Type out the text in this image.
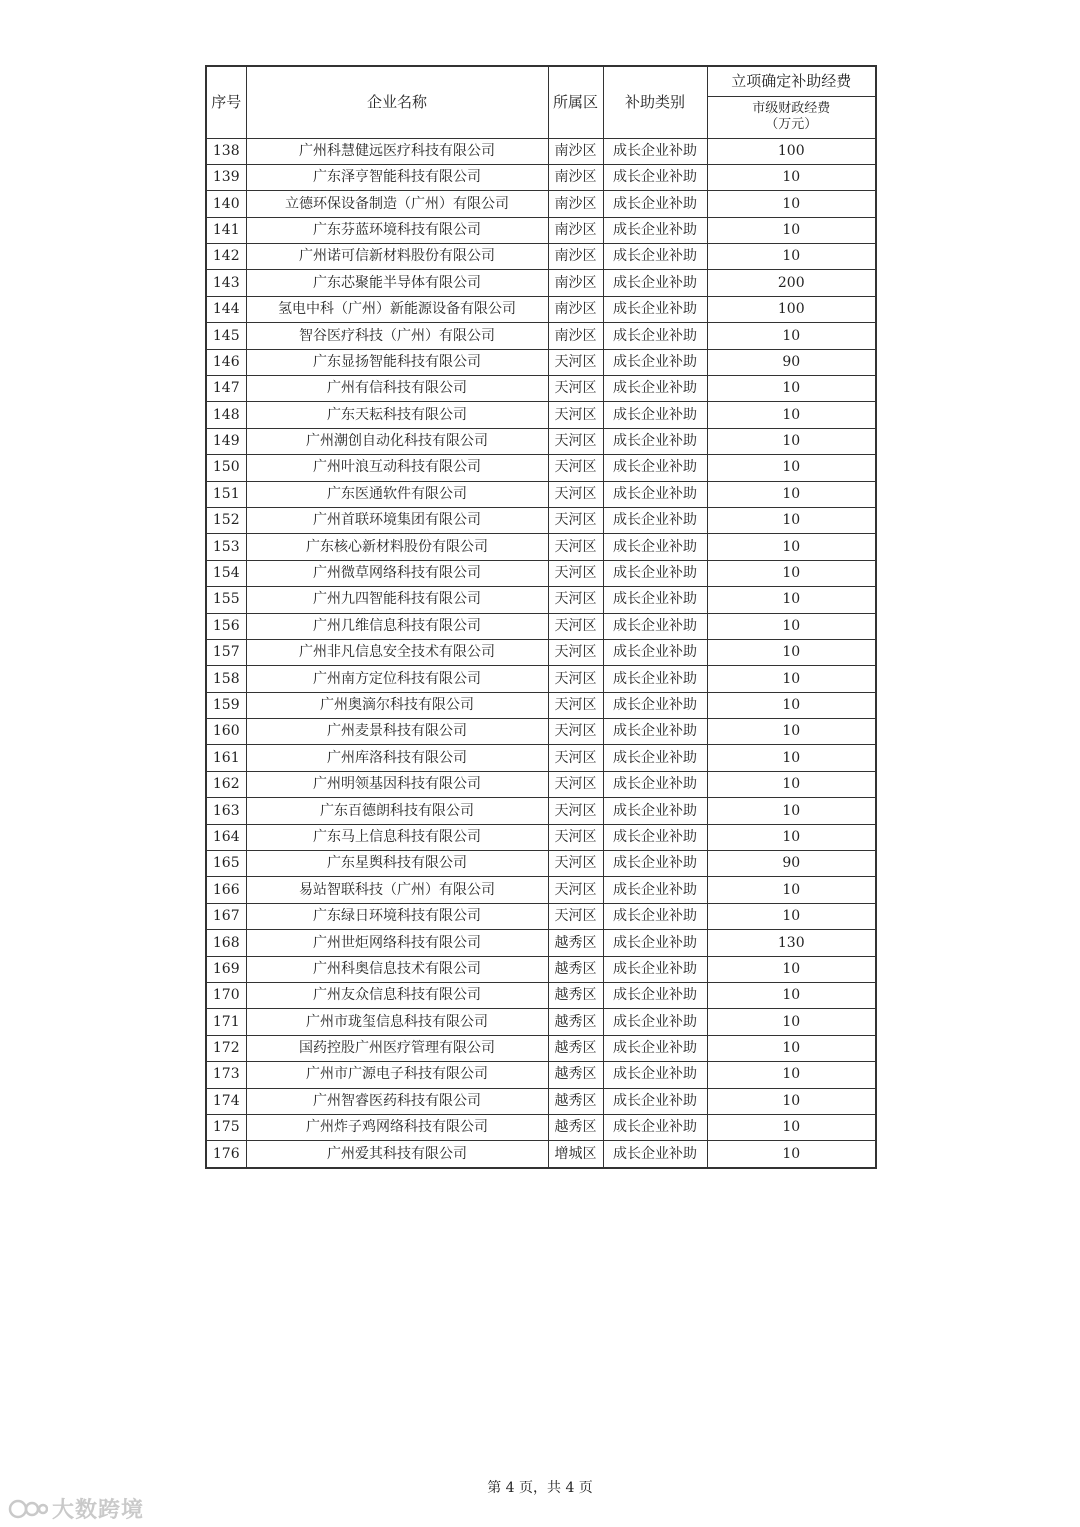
序号	企业名称	所属区	补助类别	立项确定补助经费

				市级财政经费
（万元）

138	广州科慧健远医疗科技有限公司	南沙区	成长企业补助	100
139	广东泽亨智能科技有限公司	南沙区	成长企业补助	10
140	立德环保设备制造（广州）有限公司	南沙区	成长企业补助	10
141	广东芬蓝环境科技有限公司	南沙区	成长企业补助	10
142	广州诺可信新材料股份有限公司	南沙区	成长企业补助	10
143	广东芯聚能半导体有限公司	南沙区	成长企业补助	200
144	氢电中科（广州）新能源设备有限公司	南沙区	成长企业补助	100
145	智谷医疗科技（广州）有限公司	南沙区	成长企业补助	10
146	广东显扬智能科技有限公司	天河区	成长企业补助	90
147	广州有信科技有限公司	天河区	成长企业补助	10
148	广东天耘科技有限公司	天河区	成长企业补助	10
149	广州潮创自动化科技有限公司	天河区	成长企业补助	10
150	广州叶浪互动科技有限公司	天河区	成长企业补助	10
151	广东医通软件有限公司	天河区	成长企业补助	10
152	广州首联环境集团有限公司	天河区	成长企业补助	10
153	广东核心新材料股份有限公司	天河区	成长企业补助	10
154	广州微草网络科技有限公司	天河区	成长企业补助	10
155	广州九四智能科技有限公司	天河区	成长企业补助	10
156	广州几维信息科技有限公司	天河区	成长企业补助	10
157	广州非凡信息安全技术有限公司	天河区	成长企业补助	10
158	广州南方定位科技有限公司	天河区	成长企业补助	10
159	广州奥滴尔科技有限公司	天河区	成长企业补助	10
160	广州麦景科技有限公司	天河区	成长企业补助	10
161	广州库洛科技有限公司	天河区	成长企业补助	10
162	广州明领基因科技有限公司	天河区	成长企业补助	10
163	广东百德朗科技有限公司	天河区	成长企业补助	10
164	广东马上信息科技有限公司	天河区	成长企业补助	10
165	广东星舆科技有限公司	天河区	成长企业补助	90
166	易站智联科技（广州）有限公司	天河区	成长企业补助	10
167	广东绿日环境科技有限公司	天河区	成长企业补助	10
168	广州世炬网络科技有限公司	越秀区	成长企业补助	130
169	广州科奥信息技术有限公司	越秀区	成长企业补助	10
170	广州友众信息科技有限公司	越秀区	成长企业补助	10
171	广州市珑玺信息科技有限公司	越秀区	成长企业补助	10
172	国药控股广州医疗管理有限公司	越秀区	成长企业补助	10
173	广州市广源电子科技有限公司	越秀区	成长企业补助	10
174	广州智睿医药科技有限公司	越秀区	成长企业补助	10
175	广州炸子鸡网络科技有限公司	越秀区	成长企业补助	10
176	广州爱其科技有限公司	增城区	成长企业补助	10
第 4 页，共 4 页
大数跨境
